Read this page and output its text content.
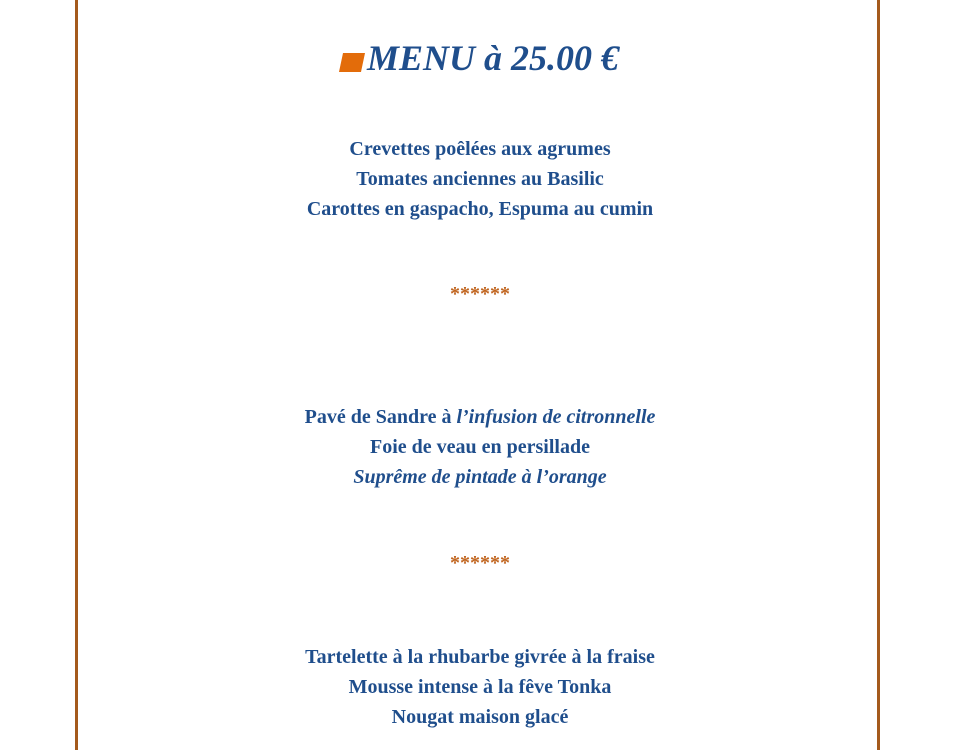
MENU à 25.00 €
Crevettes poêlées aux agrumes
Tomates anciennes au Basilic
Carottes en gaspacho, Espuma au cumin
******
Pavé de Sandre à l’infusion de citronnelle
Foie de veau en persillade
Suprême de pintade à l’orange
******
Tartelette à la rhubarbe givrée à la fraise
Mousse intense à la fêve Tonka
Nougat maison glacé
